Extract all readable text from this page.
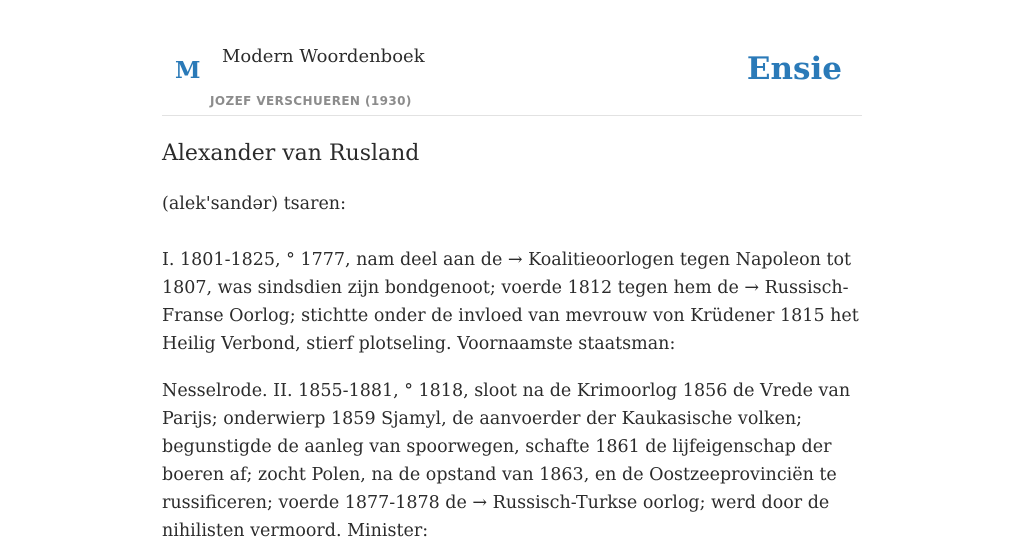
M
Modern Woordenboek
JOZEF VERSCHUEREN (1930)
Ensie
Alexander van Rusland

(alek'sandər) tsaren:

I. 1801-1825, ° 1777, nam deel aan de → Koalitieoorlogen tegen Napoleon tot 1807, was sindsdien zijn bondgenoot; voerde 1812 tegen hem de → Russisch-Franse Oorlog; stichtte onder de invloed van mevrouw von Krüdener 1815 het Heilig Verbond, stierf plotseling. Voornaamste staatsman:

Nesselrode. II. 1855-1881, ° 1818, sloot na de Krimoorlog 1856 de Vrede van Parijs; onderwierp 1859 Sjamyl, de aanvoerder der Kaukasische volken; begunstigde de aanleg van spoorwegen, schafte 1861 de lijfeigenschap der boeren af; zocht Polen, na de opstand van 1863, en de Oostzeeprovinciën te russificeren; voerde 1877-1878 de → Russisch-Turkse oorlog; werd door de nihilisten vermoord. Minister:
